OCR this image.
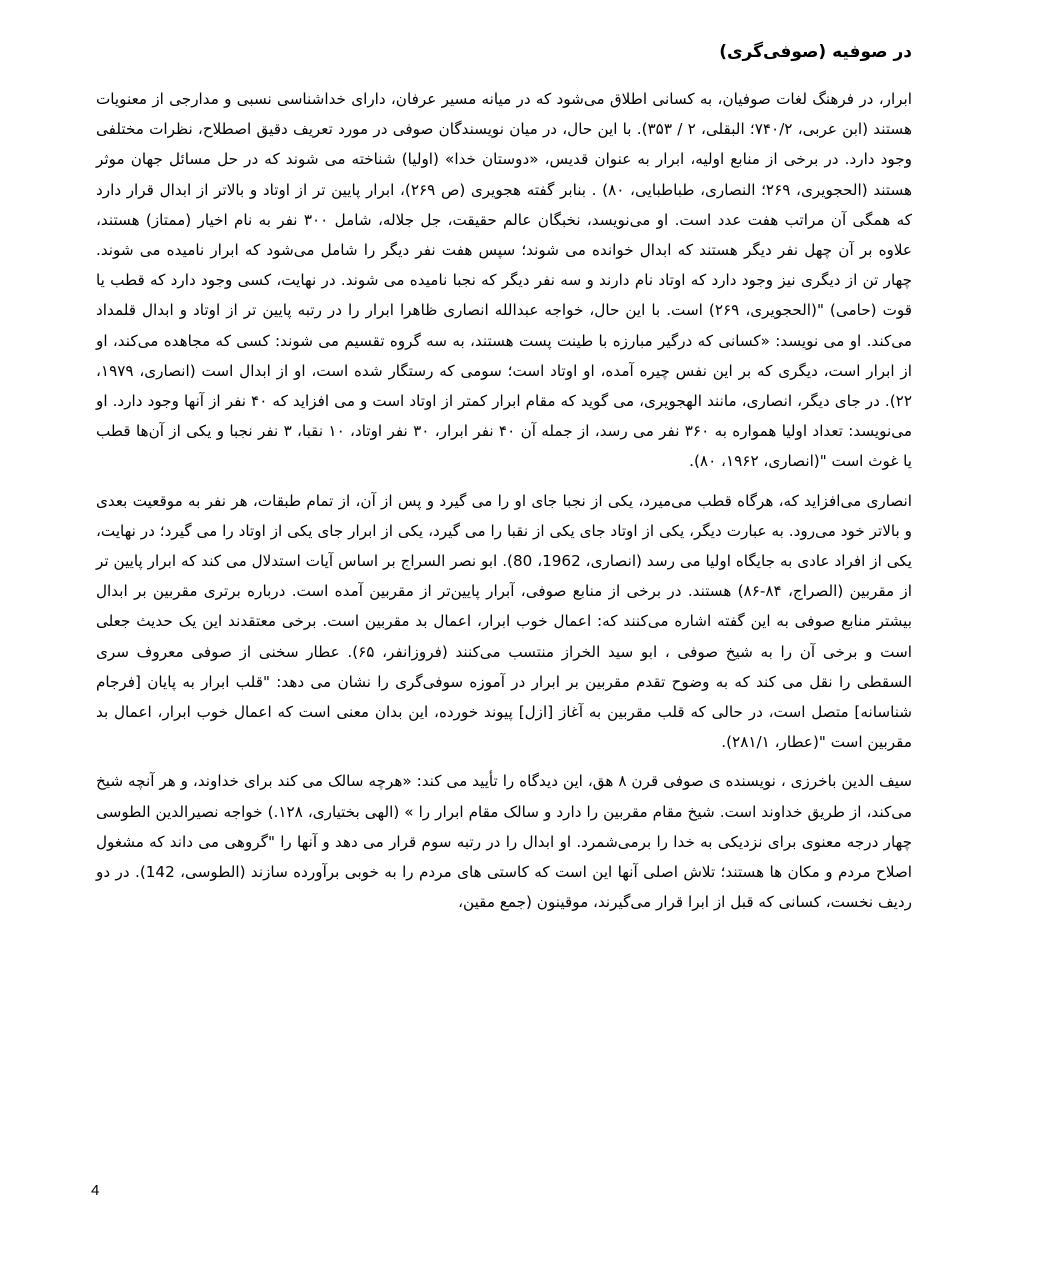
در صوفیه (صوفی‌گری)

ابرار، در فرهنگ لغات صوفیان، به کسانی اطلاق می‌شود که در میانه مسیر عرفان، دارای خداشناسی نسبی و مدارجی از معنویات هستند (ابن عربی، ۷۴۰/۲؛ البقلی، ۲ / ۳۵۳). با این حال، در میان نویسندگان صوفی در مورد تعریف دقیق اصطلاح، نظرات مختلفی وجود دارد. در برخی از منابع اولیه، ابرار به عنوان قدیس، «دوستان خدا» (اولیا) شناخته می شوند که در حل مسائل جهان موثر هستند (الحجویری، ۲۶۹؛ النصاری، طباطبایی، ۸۰) . بنابر گفته هجویری (ص ۲۶۹)، ابرار پایین تر از اوتاد و بالاتر از ابدال قرار دارد که همگی آن مراتب هفت عدد است. او می‌نویسد، نخبگان عالم حقیقت، جل جلاله، شامل ۳۰۰ نفر به نام اخیار (ممتاز) هستند، علاوه بر آن چهل نفر دیگر هستند که ابدال خوانده می شوند؛ سپس هفت نفر دیگر را شامل می‌شود که ابرار نامیده می شوند. چهار تن از دیگری نیز وجود دارد که اوتاد نام دارند و سه نفر دیگر که نجبا نامیده می شوند. در نهایت، کسی وجود دارد که قطب یا قوت (حامی) "(الحجویری، ۲۶۹) است. با این حال، خواجه عبدالله انصاری ظاهرا ابرار را در رتبه پایین تر از اوتاد و ابدال قلمداد می‌کند. او می نویسد: «کسانی که درگیر مبارزه با طینت پست هستند، به سه گروه تقسیم می شوند: کسی که مجاهده می‌کند، او از ابرار است، دیگری که بر این نفس چیره آمده، او اوتاد است؛ سومی که رستگار شده است، او از ابدال است (انصاری، ۱۹۷۹، ۲۲). در جای دیگر، انصاری، مانند الهجویری، می گوید که مقام ابرار کمتر از اوتاد است و می افزاید که ۴۰ نفر از آنها وجود دارد. او می‌نویسد: تعداد اولیا همواره به ۳۶۰ نفر می رسد، از جمله آن ۴۰ نفر ابرار، ۳۰ نفر اوتاد، ۱۰ نقبا، ۳ نفر نجبا و یکی از آن‌ها قطب یا غوث است "(انصاری، ۱۹۶۲، ۸۰).

انصاری می‌افزاید که، هرگاه قطب می‌میرد، یکی از نجبا جای او را می گیرد و پس از آن، از تمام طبقات، هر نفر به موقعیت بعدی و بالاتر خود می‌رود. به عبارت دیگر، یکی از اوتاد جای یکی از نقبا را می گیرد، یکی از ابرار جای یکی از اوتاد را می گیرد؛ در نهایت، یکی از افراد عادی به جایگاه اولیا می رسد (انصاری، 1962، 80). ابو نصر السراج بر اساس آیات استدلال می کند که ابرار پایین تر از مقربین (الصراج، ۸۴-۸۶) هستند. در برخی از منابع صوفی، آبرار پایین‌تر از مقربین آمده است. درباره برتری مقربین بر ابدال بیشتر منابع صوفی به این گفته اشاره می‌کنند که: اعمال خوب ابرار، اعمال بد مقربین است. برخی معتقدند این یک حدیث جعلی است و برخی آن را به شیخ صوفی ، ابو سید الخراز منتسب می‌کنند (فروزانفر، ۶۵). عطار سخنی از صوفی معروف سری السقطی را نقل می کند که به وضوح تقدم مقربین بر ابرار در آموزه سوفی‌گری را نشان می دهد: "قلب ابرار به پایان [فرجام شناسانه] متصل است، در حالی که قلب مقربین به آغاز [ازل] پیوند خورده، این بدان معنی است که اعمال خوب ابرار، اعمال بد مقربین است "(عطار، ۲۸۱/۱).

سیف الدین باخرزی ، نویسنده ی صوفی قرن ۸ هق، این دیدگاه را تأیید می کند: «هرچه سالک می کند برای خداوند، و هر آنچه شیخ می‌کند، از طریق خداوند است. شیخ مقام مقربین را دارد و سالک مقام ابرار را » (الهی بختیاری، ۱۲۸.) خواجه نصیرالدین الطوسی چهار درجه معنوی برای نزدیکی به خدا را برمی‌شمرد. او ابدال را در رتبه سوم قرار می دهد و آنها را "گروهی می داند که مشغول اصلاح مردم و مکان ها هستند؛ تلاش اصلی آنها این است که کاستی های مردم را به خوبی برآورده سازند (الطوسی، 142). در دو ردیف نخست، کسانی که قبل از ابرا قرار می‌گیرند، موقینون (جمع مقین،

4
